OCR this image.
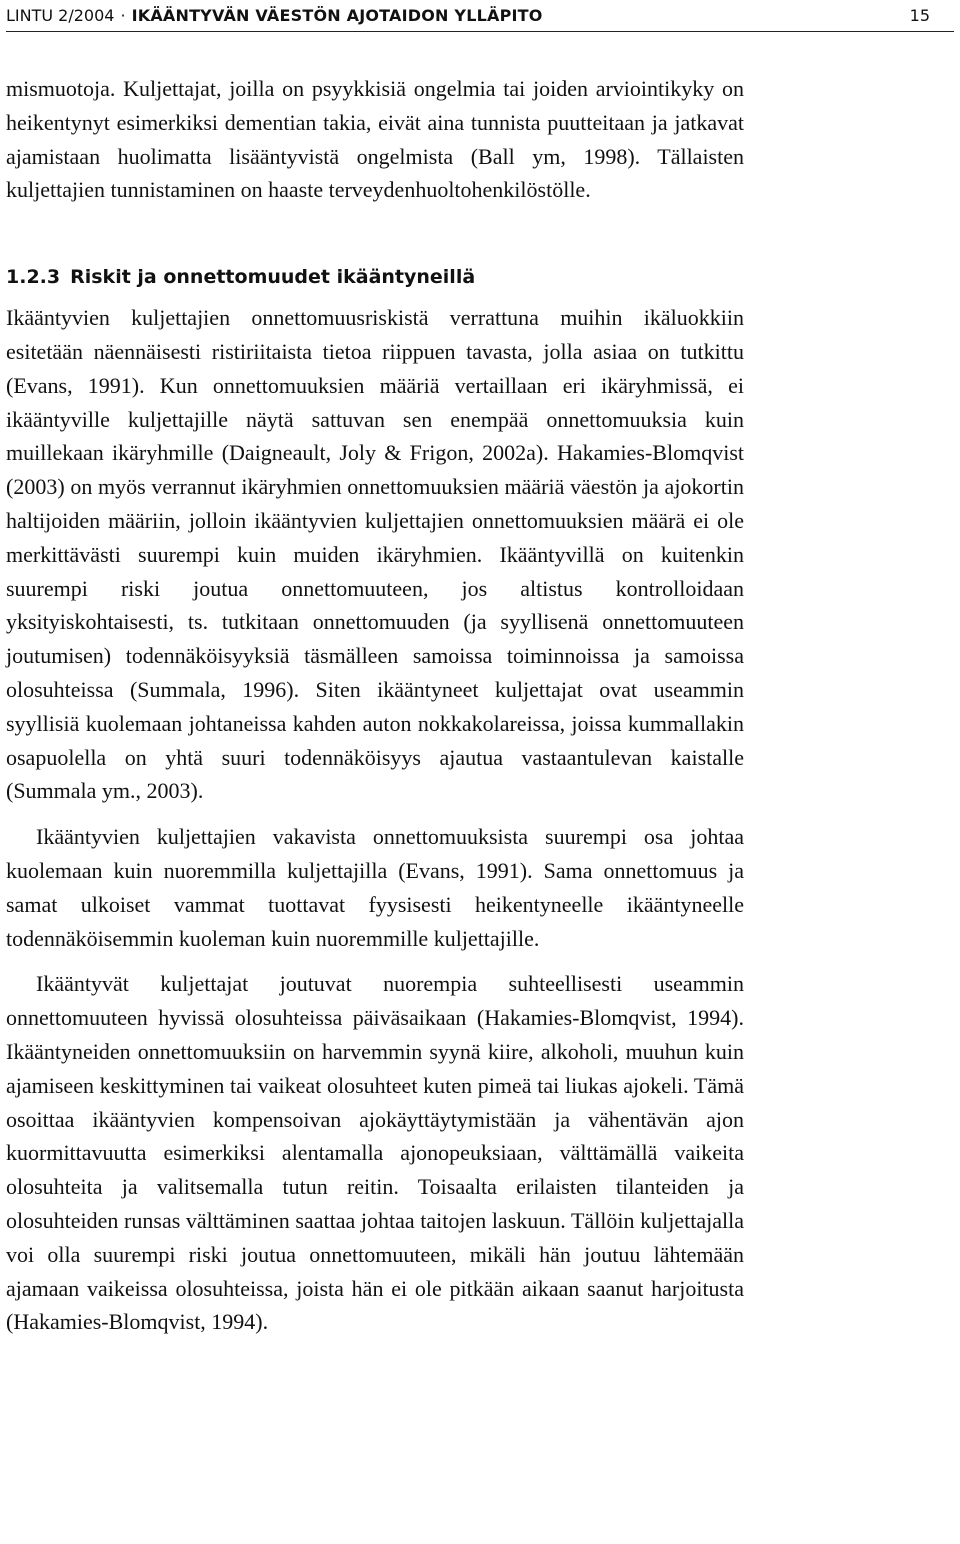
LINTU 2/2004 · IKÄÄNTYVÄN VÄESTÖN AJOTAIDON YLLÄPITO	15

mismuotoja. Kuljettajat, joilla on psyykkisiä ongelmia tai joiden arviointikyky on heikentynyt esimerkiksi dementian takia, eivät aina tunnista puutteitaan ja jatkavat ajamistaan huolimatta lisääntyvistä ongelmista (Ball ym, 1998). Tällaisten kuljettajien tunnistaminen on haaste terveydenhuoltohenkilöstölle.

1.2.3 Riskit ja onnettomuudet ikääntyneillä

Ikääntyvien kuljettajien onnettomuusriskistä verrattuna muihin ikäluokkiin esitetään näennäisesti ristiriitaista tietoa riippuen tavasta, jolla asiaa on tutkittu (Evans, 1991). Kun onnettomuuksien määriä vertaillaan eri ikäryhmissä, ei ikääntyville kuljettajille näytä sattuvan sen enempää onnettomuuksia kuin muillekaan ikäryhmille (Daigneault, Joly & Frigon, 2002a). Hakamies-Blomqvist (2003) on myös verrannut ikäryhmien onnettomuuksien määriä väestön ja ajokortin haltijoiden määriin, jolloin ikääntyvien kuljettajien onnettomuuksien määrä ei ole merkittävästi suurempi kuin muiden ikäryhmien. Ikääntyvillä on kuitenkin suurempi riski joutua onnettomuuteen, jos altistus kontrolloidaan yksityiskohtaisesti, ts. tutkitaan onnettomuuden (ja syyllisenä onnettomuuteen joutumisen) todennäköisyyksiä täsmälleen samoissa toiminnoissa ja samoissa olosuhteissa (Summala, 1996). Siten ikääntyneet kuljettajat ovat useammin syyllisiä kuolemaan johtaneissa kahden auton nokkakolareissa, joissa kummallakin osapuolella on yhtä suuri todennäköisyys ajautua vastaantulevan kaistalle (Summala ym., 2003).

Ikääntyvien kuljettajien vakavista onnettomuuksista suurempi osa johtaa kuolemaan kuin nuoremmilla kuljettajilla (Evans, 1991). Sama onnettomuus ja samat ulkoiset vammat tuottavat fyysisesti heikentyneelle ikääntyneelle todennäköisemmin kuoleman kuin nuoremmille kuljettajille.

Ikääntyvät kuljettajat joutuvat nuorempia suhteellisesti useammin onnettomuuteen hyvissä olosuhteissa päiväsaikaan (Hakamies-Blomqvist, 1994). Ikääntyneiden onnettomuuksiin on harvemmin syynä kiire, alkoholi, muuhun kuin ajamiseen keskittyminen tai vaikeat olosuhteet kuten pimeä tai liukas ajokeli. Tämä osoittaa ikääntyvien kompensoivan ajokäyttäytymistään ja vähentävän ajon kuormittavuutta esimerkiksi alentamalla ajonopeuksiaan, välttämällä vaikeita olosuhteita ja valitsemalla tutun reitin. Toisaalta erilaisten tilanteiden ja olosuhteiden runsas välttäminen saattaa johtaa taitojen laskuun. Tällöin kuljettajalla voi olla suurempi riski joutua onnettomuuteen, mikäli hän joutuu lähtemään ajamaan vaikeissa olosuhteissa, joista hän ei ole pitkään aikaan saanut harjoitusta (Hakamies-Blomqvist, 1994).
